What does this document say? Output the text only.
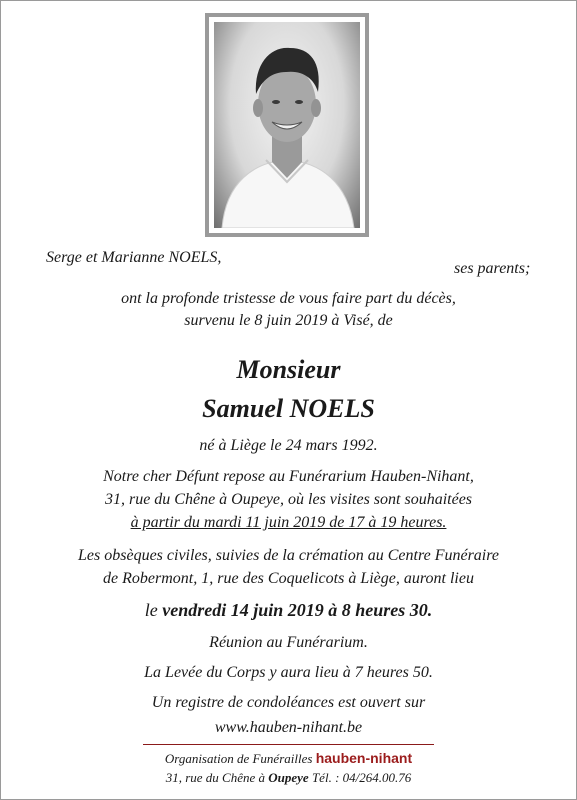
Serge et Marianne NOELS,
ses parents;
ont la profonde tristesse de vous faire part du décès,
survenu le 8 juin 2019 à Visé, de
Monsieur
Samuel NOELS
né à Liège le 24 mars 1992.
Notre cher Défunt repose au Funérarium Hauben-Nihant,
31, rue du Chêne à Oupeye, où les visites sont souhaitées
à partir du mardi 11 juin 2019 de 17 à 19 heures.
Les obsèques civiles, suivies de la crémation au Centre Funéraire
de Robermont, 1, rue des Coquelicots à Liège, auront lieu
le vendredi 14 juin 2019 à 8 heures 30.
Réunion au Funérarium.
La Levée du Corps y aura lieu à 7 heures 50.
Un registre de condoléances est ouvert sur
www.hauben-nihant.be
Organisation de Funérailles hauben-nihant
31, rue du Chêne à Oupeye Tél. : 04/264.00.76
